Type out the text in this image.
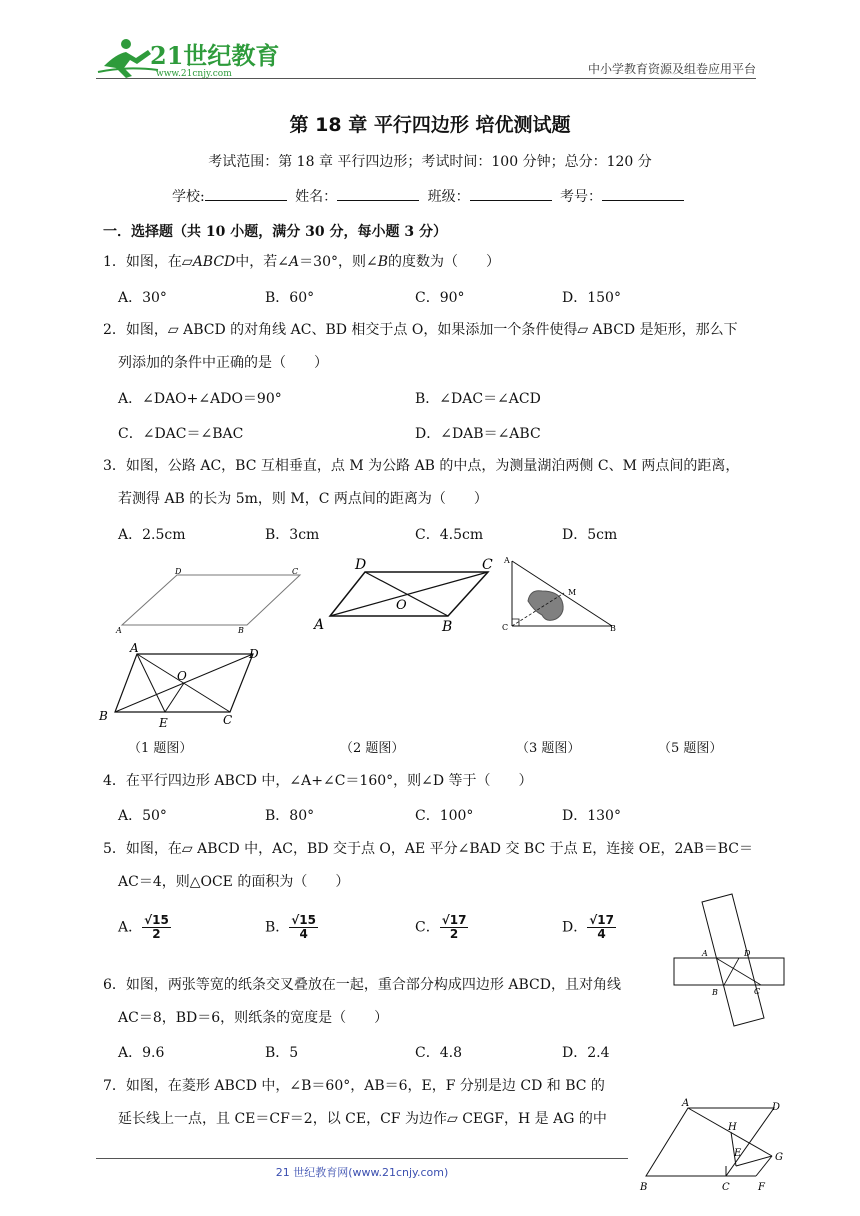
21世纪教育
www.21cnjy.com	中小学教育资源及组卷应用平台
第 18 章 平行四边形 培优测试题
考试范围：第 18 章 平行四边形；考试时间：100 分钟；总分：120 分
学校:	姓名：	班级：	考号：
一．选择题（共 10 小题，满分 30 分，每小题 3 分）
1．如图，在▱ABCD中，若∠A＝30°，则∠B的度数为（　　）
A．30°	B．60°	C．90°	D．150°
2．如图，▱ ABCD 的对角线 AC、BD 相交于点 O，如果添加一个条件使得▱ ABCD 是矩形，那么下
列添加的条件中正确的是（　　）
A．∠DAO+∠ADO＝90°	B．∠DAC＝∠ACD
C．∠DAC＝∠BAC	D．∠DAB＝∠ABC
3．如图，公路 AC，BC 互相垂直，点 M 为公路 AB 的中点，为测量湖泊两侧 C、M 两点间的距离，
若测得 AB 的长为 5m，则 M，C 两点间的距离为（　　）
A．2.5cm	B．3cm	C．4.5cm	D．5cm
A	B
C
D
A	B
C
D
O
A
B
C
M
A
B	C
D
O
E
（1 题图）	（2 题图）	（3 题图）	（5 题图）
4．在平行四边形 ABCD 中，∠A+∠C＝160°，则∠D 等于（　　）
A．50°	B．80°	C．100°	D．130°
5．如图，在▱ ABCD 中，AC，BD 交于点 O，AE 平分∠BAD 交 BC 于点 E，连接 OE，2AB＝BC＝
AC＝4，则△OCE 的面积为（　　）
A． $\frac{√15}{2}$	B． $\frac{√15}{4}$	C． $\frac{√17}{2}$	D． $\frac{√17}{4}$
A
B	C
D
6．如图，两张等宽的纸条交叉叠放在一起，重合部分构成四边形 ABCD，且对角线
AC＝8，BD＝6，则纸条的宽度是（　　）
A．9.6	B．5	C．4.8	D．2.4
7．如图，在菱形 ABCD 中，∠B＝60°，AB＝6，E，F 分别是边 CD 和 BC 的
延长线上一点，且 CE＝CF＝2，以 CE，CF 为边作▱ CEGF，H 是 AG 的中
A
B	C
D
E
F
G
H
21 世纪教育网(www.21cnjy.com)
